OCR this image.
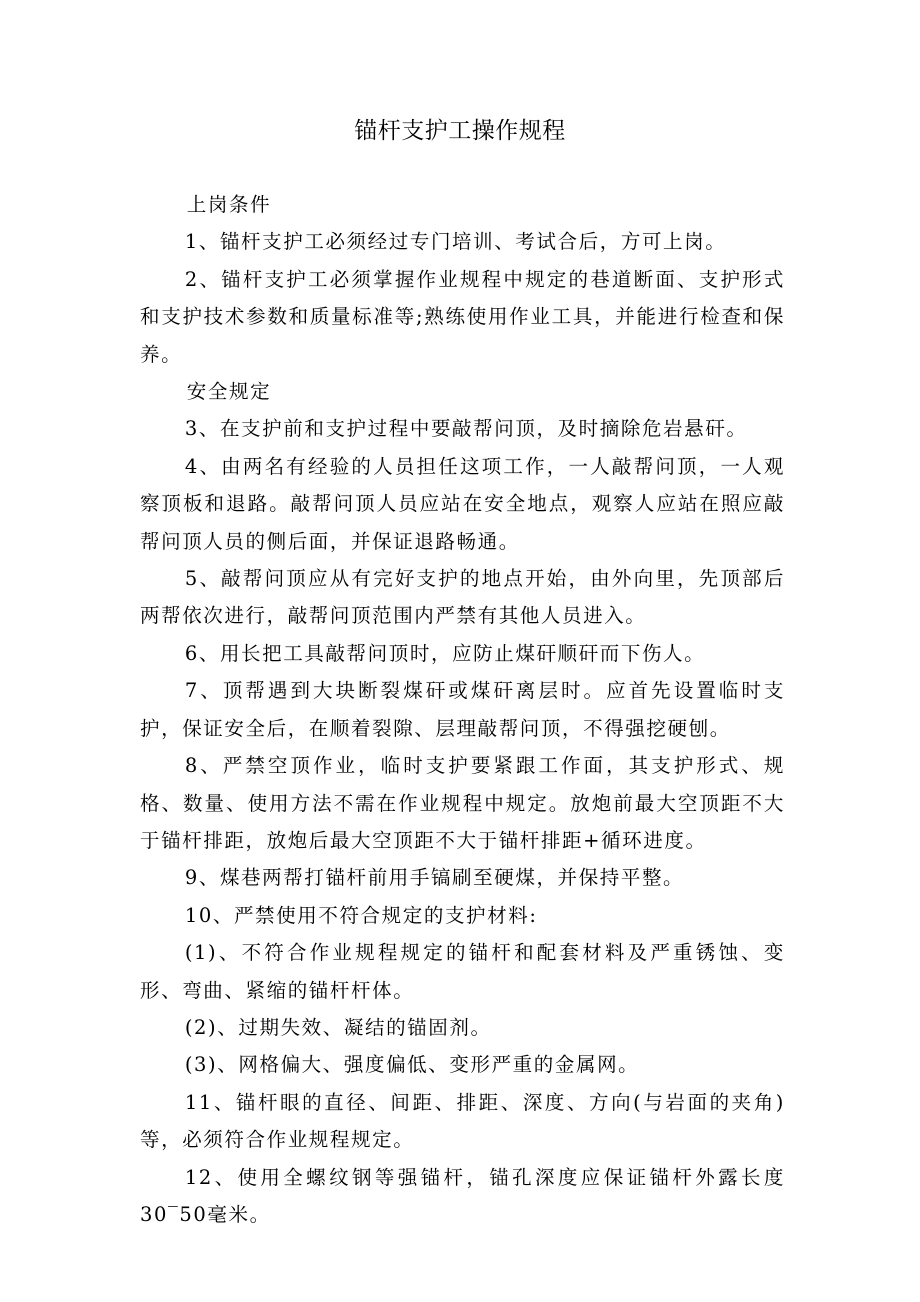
锚杆支护工操作规程

上岗条件

1、锚杆支护工必须经过专门培训、考试合后，方可上岗。

2、锚杆支护工必须掌握作业规程中规定的巷道断面、支护形式和支护技术参数和质量标准等;熟练使用作业工具，并能进行检查和保养。

安全规定

3、在支护前和支护过程中要敲帮问顶，及时摘除危岩悬矸。

4、由两名有经验的人员担任这项工作，一人敲帮问顶，一人观察顶板和退路。敲帮问顶人员应站在安全地点，观察人应站在照应敲帮问顶人员的侧后面，并保证退路畅通。

5、敲帮问顶应从有完好支护的地点开始，由外向里，先顶部后两帮依次进行，敲帮问顶范围内严禁有其他人员进入。

6、用长把工具敲帮问顶时，应防止煤矸顺矸而下伤人。

7、顶帮遇到大块断裂煤矸或煤矸离层时。应首先设置临时支护，保证安全后，在顺着裂隙、层理敲帮问顶，不得强挖硬刨。

8、严禁空顶作业，临时支护要紧跟工作面，其支护形式、规格、数量、使用方法不需在作业规程中规定。放炮前最大空顶距不大于锚杆排距，放炮后最大空顶距不大于锚杆排距+循环进度。

9、煤巷两帮打锚杆前用手镐刷至硬煤，并保持平整。

10、严禁使用不符合规定的支护材料:

(1)、不符合作业规程规定的锚杆和配套材料及严重锈蚀、变形、弯曲、紧缩的锚杆杆体。

(2)、过期失效、凝结的锚固剂。

(3)、网格偏大、强度偏低、变形严重的金属网。

11、锚杆眼的直径、间距、排距、深度、方向(与岩面的夹角)等，必须符合作业规程规定。

12、使用全螺纹钢等强锚杆，锚孔深度应保证锚杆外露长度30‾50毫米。
